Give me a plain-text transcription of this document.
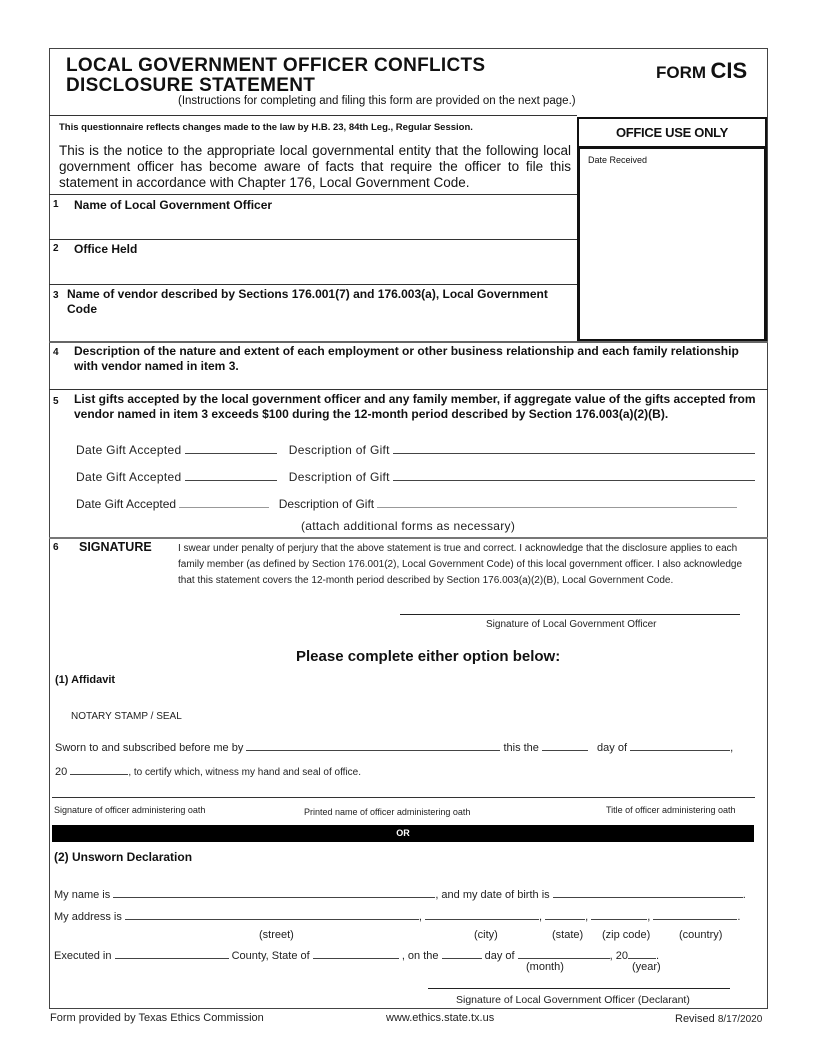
LOCAL GOVERNMENT OFFICER CONFLICTS
DISCLOSURE STATEMENT
FORM CIS
(Instructions for completing and filing this form are provided on the next page.)
This questionnaire reflects changes made to the law by H.B. 23, 84th Leg., Regular Session.
This is the notice to the appropriate local governmental entity that the following local government officer has become aware of facts that require the officer to file this statement in accordance with Chapter 176, Local Government Code.
OFFICE USE ONLY
Date Received
1 Name of Local Government Officer
2 Office Held
3 Name of vendor described by Sections 176.001(7) and 176.003(a), Local Government Code
4 Description of the nature and extent of each employment or other business relationship and each family relationship with vendor named in item 3.
5 List gifts accepted by the local government officer and any family member, if aggregate value of the gifts accepted from vendor named in item 3 exceeds $100 during the 12-month period described by Section 176.003(a)(2)(B).
Date Gift Accepted	Description of Gift
Date Gift Accepted	Description of Gift
Date Gift Accepted	Description of Gift
(attach additional forms as necessary)
6 SIGNATURE	I swear under penalty of perjury that the above statement is true and correct. I acknowledge that the disclosure applies to each family member (as defined by Section 176.001(2), Local Government Code) of this local government officer. I also acknowledge that this statement covers the 12-month period described by Section 176.003(a)(2)(B), Local Government Code.
Signature of Local Government Officer
Please complete either option below:
(1) Affidavit
NOTARY STAMP / SEAL
Sworn to and subscribed before me by	this the	day of	,
20	, to certify which, witness my hand and seal of office.
Signature of officer administering oath	Printed name of officer administering oath	Title of officer administering oath
OR
(2) Unsworn Declaration
My name is	, and my date of birth is	.
My address is	,	,	,	,	.
(street)	(city)	(state) (zip code)	(country)
Executed in	County, State of	, on the	day of	, 20	.
(month)	(year)
Signature of Local Government Officer (Declarant)
Form provided by Texas Ethics Commission	www.ethics.state.tx.us	Revised 8/17/2020
